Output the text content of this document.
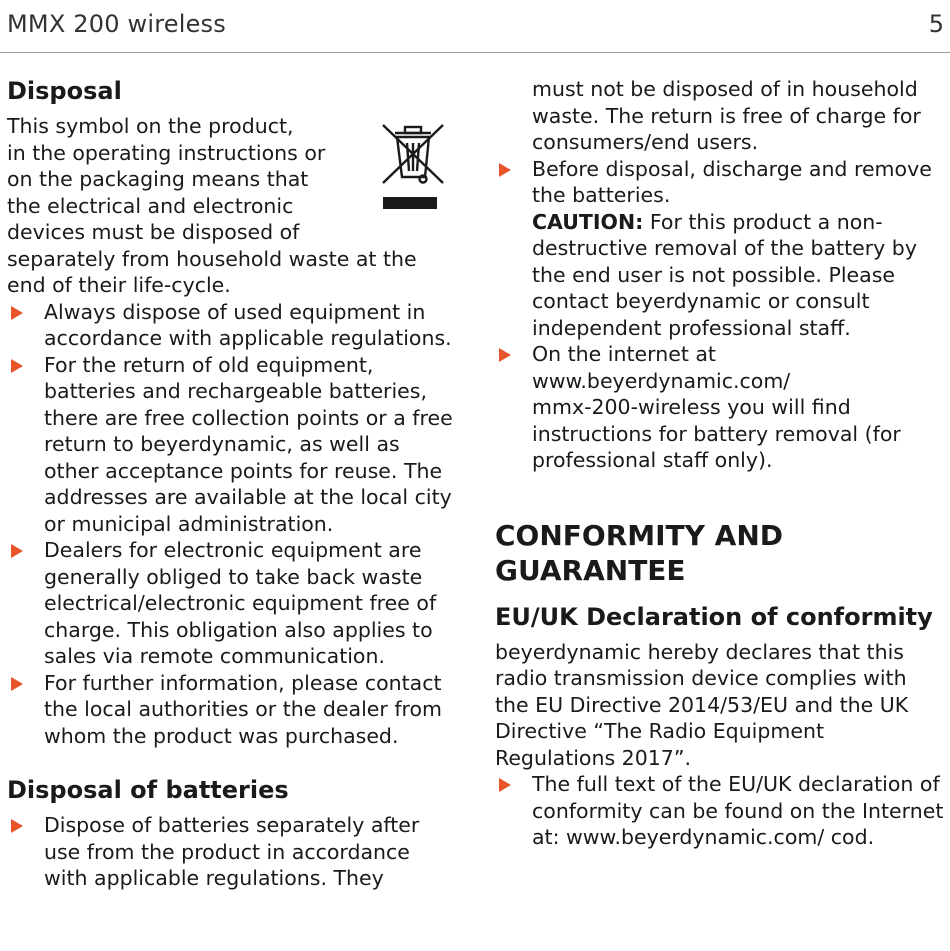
MMX 200 wireless	5
Disposal
This symbol on the product,
in the operating instructions or
on the packaging means that
the electrical and electronic
devices must be disposed of
separately from household waste at the
end of their life-cycle.
Always dispose of used equipment in accordance with applicable regulations.
For the return of old equipment, batteries and rechargeable batteries, there are free collection points or a free return to beyerdynamic, as well as other acceptance points for reuse. The addresses are available at the local city or municipal administration.
Dealers for electronic equipment are generally obliged to take back waste electrical/electronic equipment free of charge. This obligation also applies to sales via remote communication.
For further information, please contact the local authorities or the dealer from whom the product was purchased.
Disposal of batteries
Dispose of batteries separately after use from the product in accordance with applicable regulations. They
must not be disposed of in household waste. The return is free of charge for consumers/end users.
Before disposal, discharge and remove the batteries.
CAUTION: For this product a non-destructive removal of the battery by the end user is not possible. Please contact beyerdynamic or consult independent professional staff.
On the internet at
www.beyerdynamic.com/
mmx-200-wireless you will find instructions for battery removal (for professional staff only).
CONFORMITY AND
GUARANTEE
EU/UK Declaration of conformity

beyerdynamic hereby declares that this radio transmission device complies with the EU Directive 2014/53/EU and the UK Directive “The Radio Equipment Regulations 2017”.

The full text of the EU/UK declaration of conformity can be found on the Internet at: www.beyerdynamic.com/ cod.
